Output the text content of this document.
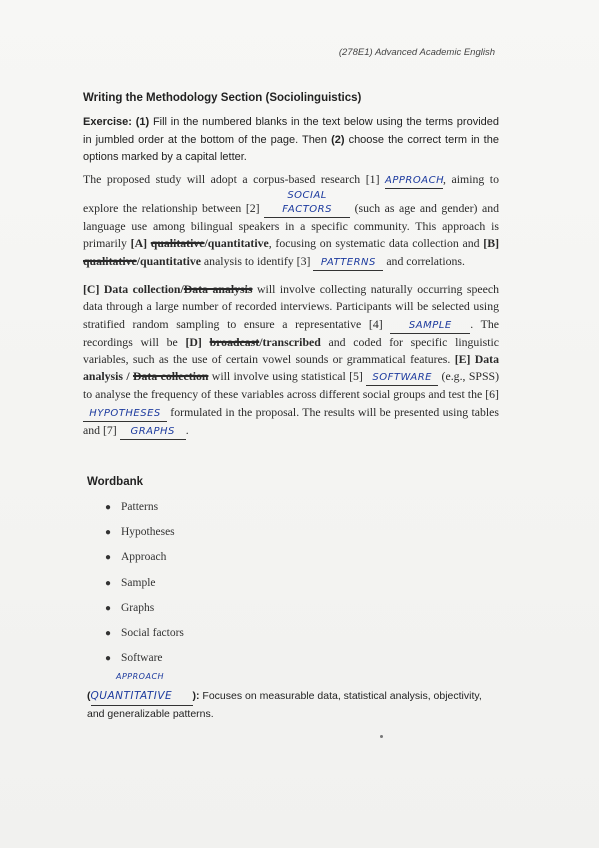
(278E1) Advanced Academic English
Writing the Methodology Section (Sociolinguistics)
Exercise: (1) Fill in the numbered blanks in the text below using the terms provided in jumbled order at the bottom of the page. Then (2) choose the correct term in the options marked by a capital letter.

The proposed study will adopt a corpus-based research [1] APPROACH, aiming to explore the relationship between [2] SOCIAL FACTORS (such as age and gender) and language use among bilingual speakers in a specific community. This approach is primarily [A] qualitative/quantitative, focusing on systematic data collection and [B] qualitative/quantitative analysis to identify [3] PATTERNS and correlations.

[C] Data collection/Data analysis will involve collecting naturally occurring speech data through a large number of recorded interviews. Participants will be selected using stratified random sampling to ensure a representative [4] SAMPLE . The recordings will be [D] broadcast/transcribed and coded for specific linguistic variables, such as the use of certain vowel sounds or grammatical features. [E] Data analysis / Data collection will involve using statistical [5] SOFTWARE (e.g., SPSS) to analyse the frequency of these variables across different social groups and test the [6] HYPOTHESES formulated in the proposal. The results will be presented using tables and [7] GRAPHS .

Wordbank
● Patterns
● Hypotheses
● Approach
● Sample
● Graphs
● Social factors
● Software
APPROACH
(QUANTITATIVE ): Focuses on measurable data, statistical analysis, objectivity, and generalizable patterns.
